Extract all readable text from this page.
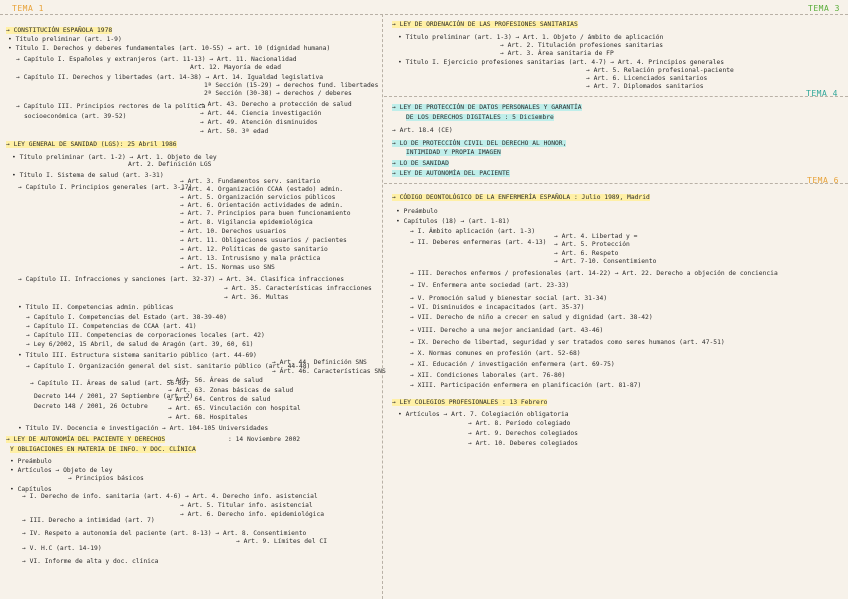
TEMA 1	TEMA 3
TEMA 4
TEMA 6
→ CONSTITUCIÓN ESPAÑOLA 1978
• Título preliminar (art. 1-9)
• Título I. Derechos y deberes fundamentales (art. 10-55) → art. 10 (dignidad humana)
→ Capítulo I. Españoles y extranjeros (art. 11-13) → Art. 11. Nacionalidad
Art. 12. Mayoría de edad
→ Capítulo II. Derechos y libertades (art. 14-38) → Art. 14. Igualdad legislativa
1ª Sección (15-29) → derechos fund. libertades
2ª Sección (30-38) → derechos / deberes
→ Capítulo III. Principios rectores de la política
socioeconómica (art. 39-52)
→ Art. 43. Derecho a protección de salud
→ Art. 44. Ciencia investigación
→ Art. 49. Atención disminuidos
→ Art. 50. 3ª edad
→ LEY GENERAL DE SANIDAD (LGS): 25 Abril 1986
• Título preliminar (art. 1-2) → Art. 1. Objeto de ley
Art. 2. Definición LGS
• Título I. Sistema de salud (art. 3-31)
→ Capítulo I. Principios generales (art. 3-17)
→ Art. 3. Fundamentos serv. sanitario
→ Art. 4. Organización CCAA (estado) admin.
→ Art. 5. Organización servicios públicos
→ Art. 6. Orientación actividades de admin.
→ Art. 7. Principios para buen funcionamiento
→ Art. 8. Vigilancia epidemiológica
→ Art. 10. Derechos usuarios
→ Art. 11. Obligaciones usuarios / pacientes
→ Art. 12. Políticas de gasto sanitario
→ Art. 13. Intrusismo y mala práctica
→ Art. 15. Normas uso SNS
→ Capítulo II. Infracciones y sanciones (art. 32-37) → Art. 34. Clasifica infracciones
→ Art. 35. Características infracciones
→ Art. 36. Multas
• Título II. Competencias admin. públicas
→ Capítulo I. Competencias del Estado (art. 38-39-40)
→ Capítulo II. Competencias de CCAA (art. 41)
→ Capítulo III. Competencias de corporaciones locales (art. 42)
→ Ley 6/2002, 15 Abril, de salud de Aragón (art. 39, 60, 61)
• Título III. Estructura sistema sanitario público (art. 44-69)
→ Capítulo I. Organización general del sist. sanitario público (art. 44-48)
→ Art. 44. Definición SNS
→ Art. 46. Características SNS
→ Capítulo II. Áreas de salud (art. 56-69)
→ Art. 56. Áreas de salud
Decreto 144 / 2001, 27 Septiembre (art. 2)
→ Art. 63. Zonas básicas de salud
Decreto 148 / 2001, 26 Octubre
→ Art. 64. Centros de salud
→ Art. 65. Vinculación con hospital
→ Art. 68. Hospitales
• Título IV. Docencia e investigación → Art. 104-105 Universidades
→ LEY DE AUTONOMÍA DEL PACIENTE Y DERECHOS	: 14 Noviembre 2002
Y OBLIGACIONES EN MATERIA DE INFO. Y DOC. CLÍNICA
• Preámbulo
• Artículos → Objeto de ley
→ Principios básicos
• Capítulos
→ I. Derecho de info. sanitaria (art. 4-6) → Art. 4. Derecho info. asistencial
→ Art. 5. Titular info. asistencial
→ Art. 6. Derecho info. epidemiológica
→ III. Derecho a intimidad (art. 7)
→ IV. Respeto a autonomía del paciente (art. 8-13) → Art. 8. Consentimiento
→ Art. 9. Límites del CI
→ V. H.C (art. 14-19)
→ VI. Informe de alta y doc. clínica
→ LEY DE ORDENACIÓN DE LAS PROFESIONES SANITARIAS
• Título preliminar (art. 1-3) → Art. 1. Objeto / ámbito de aplicación
→ Art. 2. Titulación profesiones sanitarias
→ Art. 3. Área sanitaria de FP
• Título I. Ejercicio profesiones sanitarias (art. 4-7) → Art. 4. Principios generales
→ Art. 5. Relación profesional-paciente
→ Art. 6. Licenciados sanitarios
→ Art. 7. Diplomados sanitarios
→ LEY DE PROTECCIÓN DE DATOS PERSONALES Y GARANTÍA
DE LOS DERECHOS DIGITALES : 5 Diciembre
→ Art. 18.4 (CE)
→ LO DE PROTECCIÓN CIVIL DEL DERECHO AL HONOR,
INTIMIDAD Y PROPIA IMAGEN
→ LO DE SANIDAD
→ LEY DE AUTONOMÍA DEL PACIENTE
→ CÓDIGO DEONTOLÓGICO DE LA ENFERMERÍA ESPAÑOLA : Julio 1989, Madrid
• Preámbulo
• Capítulos (18) → (art. 1-81)
→ I. Ámbito aplicación (art. 1-3)
→ Art. 4. Libertad y =
→ II. Deberes enfermeras (art. 4-13) → Art. 5. Protección
→ Art. 6. Respeto
→ Art. 7-10. Consentimiento
→ III. Derechos enfermos / profesionales (art. 14-22) → Art. 22. Derecho a objeción de conciencia
→ IV. Enfermera ante sociedad (art. 23-33)
→ V. Promoción salud y bienestar social (art. 31-34)
→ VI. Disminuidos e incapacitados (art. 35-37)
→ VII. Derecho de niño a crecer en salud y dignidad (art. 38-42)
→ VIII. Derecho a una mejor ancianidad (art. 43-46)
→ IX. Derecho de libertad, seguridad y ser tratados como seres humanos (art. 47-51)
→ X. Normas comunes en profesión (art. 52-68)
→ XI. Educación / investigación enfermera (art. 69-75)
→ XII. Condiciones laborales (art. 76-80)
→ XIII. Participación enfermera en planificación (art. 81-87)
→ LEY COLEGIOS PROFESIONALES : 13 Febrero
• Artículos → Art. 7. Colegiación obligatoria
→ Art. 8. Período colegiado
→ Art. 9. Derechos colegiados
→ Art. 10. Deberes colegiados
